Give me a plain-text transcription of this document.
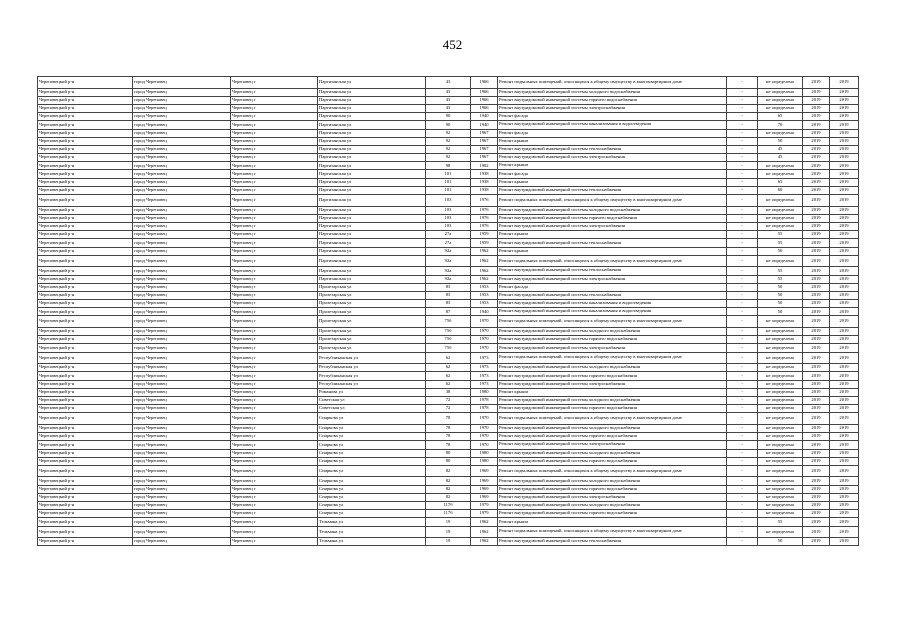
452
Череповецкий р-н	город Череповец	Череповец г	Партизанская ул	43	1966	Ремонт подвальных помещений, относящихся к общему имуществу в многоквартирном доме	-	не определена	2019	2019
Череповецкий р-н	город Череповец	Череповец г	Партизанская ул	43	1966	Ремонт внутридомовой инженерной системы холодного водоснабжения	-	не определена	2019	2019
Череповецкий р-н	город Череповец	Череповец г	Партизанская ул	43	1966	Ремонт внутридомовой инженерной системы горячего водоснабжения	-	не определена	2019	2019
Череповецкий р-н	город Череповец	Череповец г	Партизанская ул	43	1966	Ремонт внутридомовой инженерной системы электроснабжения	-	не определена	2019	2019
Череповецкий р-н	город Череповец	Череповец г	Партизанская ул	90	1940	Ремонт фасада	-	65	2019	2019
Череповецкий р-н	город Череповец	Череповец г	Партизанская ул	90	1940	Ремонт внутридомовой инженерной системы канализования и водоотведения	-	70	2019	2019
Череповецкий р-н	город Череповец	Череповец г	Партизанская ул	92	1967	Ремонт фасада	-	не определена	2019	2019
Череповецкий р-н	город Череповец	Череповец г	Партизанская ул	92	1967	Ремонт крыши	-	50	2019	2019
Череповецкий р-н	город Череповец	Череповец г	Партизанская ул	92	1967	Ремонт внутридомовой инженерной системы теплоснабжения	-	45	2019	2019
Череповецкий р-н	город Череповец	Череповец г	Партизанская ул	92	1967	Ремонт внутридомовой инженерной системы электроснабжения	-	45	2019	2019
Череповецкий р-н	город Череповец	Череповец г	Партизанская ул	98	1982	Ремонт крыши	-	не определена	2019	2019
Череповецкий р-н	город Череповец	Череповец г	Партизанская ул	101	1938	Ремонт фасада	-	не определена	2019	2019
Череповецкий р-н	город Череповец	Череповец г	Партизанская ул	101	1938	Ремонт крыши	-	65	2019	2019
Череповецкий р-н	город Череповец	Череповец г	Партизанская ул	101	1938	Ремонт внутридомовой инженерной системы теплоснабжения	-	60	2019	2019
Череповецкий р-н	город Череповец	Череповец г	Партизанская ул	103	1976	Ремонт подвальных помещений, относящихся к общему имуществу в многоквартирном доме	-	не определена	2019	2019
Череповецкий р-н	город Череповец	Череповец г	Партизанская ул	103	1976	Ремонт внутридомовой инженерной системы холодного водоснабжения	-	не определена	2019	2019
Череповецкий р-н	город Череповец	Череповец г	Партизанская ул	103	1976	Ремонт внутридомовой инженерной системы горячего водоснабжения	-	не определена	2019	2019
Череповецкий р-н	город Череповец	Череповец г	Партизанская ул	103	1976	Ремонт внутридомовой инженерной системы электроснабжения	-	не определена	2019	2019
Череповецкий р-н	город Череповец	Череповец г	Партизанская ул	27а	1959	Ремонт крыши	-	55	2019	2019
Череповецкий р-н	город Череповец	Череповец г	Партизанская ул	27а	1959	Ремонт внутридомовой инженерной системы теплоснабжения	-	55	2019	2019
Череповецкий р-н	город Череповец	Череповец г	Партизанская ул	92а	1962	Ремонт крыши	-	50	2019	2019
Череповецкий р-н	город Череповец	Череповец г	Партизанская ул	92а	1962	Ремонт подвальных помещений, относящихся к общему имуществу в многоквартирном доме	-	не определена	2019	2019
Череповецкий р-н	город Череповец	Череповец г	Партизанская ул	92а	1962	Ремонт внутридомовой инженерной системы теплоснабжения	-	55	2019	2019
Череповецкий р-н	город Череповец	Череповец г	Партизанская ул	92а	1962	Ремонт внутридомовой инженерной системы электроснабжения	-	55	2019	2019
Череповецкий р-н	город Череповец	Череповец г	Пролетарская ул	83	1953	Ремонт фасада	-	50	2019	2019
Череповецкий р-н	город Череповец	Череповец г	Пролетарская ул	83	1953	Ремонт внутридомовой инженерной системы теплоснабжения	-	50	2019	2019
Череповецкий р-н	город Череповец	Череповец г	Пролетарская ул	83	1953	Ремонт внутридомовой инженерной системы канализования и водоотведения	-	50	2019	2019
Череповецкий р-н	город Череповец	Череповец г	Пролетарская ул	87	1940	Ремонт внутридомовой инженерной системы канализования и водоотведения	-	50	2019	2019
Череповецкий р-н	город Череповец	Череповец г	Пролетарская ул	75б	1970	Ремонт подвальных помещений, относящихся к общему имуществу в многоквартирном доме	-	не определена	2019	2019
Череповецкий р-н	город Череповец	Череповец г	Пролетарская ул	75б	1970	Ремонт внутридомовой инженерной системы холодного водоснабжения	-	не определена	2019	2019
Череповецкий р-н	город Череповец	Череповец г	Пролетарская ул	75б	1970	Ремонт внутридомовой инженерной системы горячего водоснабжения	-	не определена	2019	2019
Череповецкий р-н	город Череповец	Череповец г	Пролетарская ул	75б	1970	Ремонт внутридомовой инженерной системы электроснабжения	-	не определена	2019	2019
Череповецкий р-н	город Череповец	Череповец г	Республиканская ул	62	1973	Ремонт подвальных помещений, относящихся к общему имуществу в многоквартирном доме	-	не определена	2019	2019
Череповецкий р-н	город Череповец	Череповец г	Республиканская ул	62	1973	Ремонт внутридомовой инженерной системы холодного водоснабжения	-	не определена	2019	2019
Череповецкий р-н	город Череповец	Череповец г	Республиканская ул	62	1973	Ремонт внутридомовой инженерной системы горячего водоснабжения	-	не определена	2019	2019
Череповецкий р-н	город Череповец	Череповец г	Республиканская ул	62	1973	Ремонт внутридомовой инженерной системы электроснабжения	-	не определена	2019	2019
Череповецкий р-н	город Череповец	Череповец г	Романова ул	38	1980	Ремонт крыши	-	не определена	2019	2019
Череповецкий р-н	город Череповец	Череповец г	Советская ул	72	1978	Ремонт внутридомовой инженерной системы холодного водоснабжения	-	не определена	2019	2019
Череповецкий р-н	город Череповец	Череповец г	Советская ул	72	1978	Ремонт внутридомовой инженерной системы горячего водоснабжения	-	не определена	2019	2019
Череповецкий р-н	город Череповец	Череповец г	Спиркова ул	78	1970	Ремонт подвальных помещений, относящихся к общему имуществу в многоквартирном доме	-	не определена	2019	2019
Череповецкий р-н	город Череповец	Череповец г	Спиркова ул	78	1970	Ремонт внутридомовой инженерной системы холодного водоснабжения	-	не определена	2019	2019
Череповецкий р-н	город Череповец	Череповец г	Спиркова ул	78	1970	Ремонт внутридомовой инженерной системы горячего водоснабжения	-	не определена	2019	2019
Череповецкий р-н	город Череповец	Череповец г	Спиркова ул	78	1970	Ремонт внутридомовой инженерной системы электроснабжения	-	не определена	2019	2019
Череповецкий р-н	город Череповец	Череповец г	Спиркова ул	80	1980	Ремонт внутридомовой инженерной системы холодного водоснабжения	-	не определена	2019	2019
Череповецкий р-н	город Череповец	Череповец г	Спиркова ул	80	1980	Ремонт внутридомовой инженерной системы горячего водоснабжения	-	не определена	2019	2019
Череповецкий р-н	город Череповец	Череповец г	Спиркова ул	82	1969	Ремонт подвальных помещений, относящихся к общему имуществу в многоквартирном доме	-	не определена	2019	2019
Череповецкий р-н	город Череповец	Череповец г	Спиркова ул	82	1969	Ремонт внутридомовой инженерной системы холодного водоснабжения	-	не определена	2019	2019
Череповецкий р-н	город Череповец	Череповец г	Спиркова ул	82	1969	Ремонт внутридомовой инженерной системы горячего водоснабжения	-	не определена	2019	2019
Череповецкий р-н	город Череповец	Череповец г	Спиркова ул	82	1969	Ремонт внутридомовой инженерной системы электроснабжения	-	не определена	2019	2019
Череповецкий р-н	город Череповец	Череповец г	Спиркова ул	117б	1979	Ремонт внутридомовой инженерной системы холодного водоснабжения	-	не определена	2019	2019
Череповецкий р-н	город Череповец	Череповец г	Спиркова ул	117б	1979	Ремонт внутридомовой инженерной системы горячего водоснабжения	-	не определена	2019	2019
Череповецкий р-н	город Череповец	Череповец г	Тельмана ул	19	1962	Ремонт крыши	-	55	2019	2019
Череповецкий р-н	город Череповец	Череповец г	Тельмана ул	19	1962	Ремонт подвальных помещений, относящихся к общему имуществу в многоквартирном доме	-	не определена	2019	2019
Череповецкий р-н	город Череповец	Череповец г	Тельмана ул	19	1962	Ремонт внутридомовой инженерной системы теплоснабжения	-	50	2019	2019
